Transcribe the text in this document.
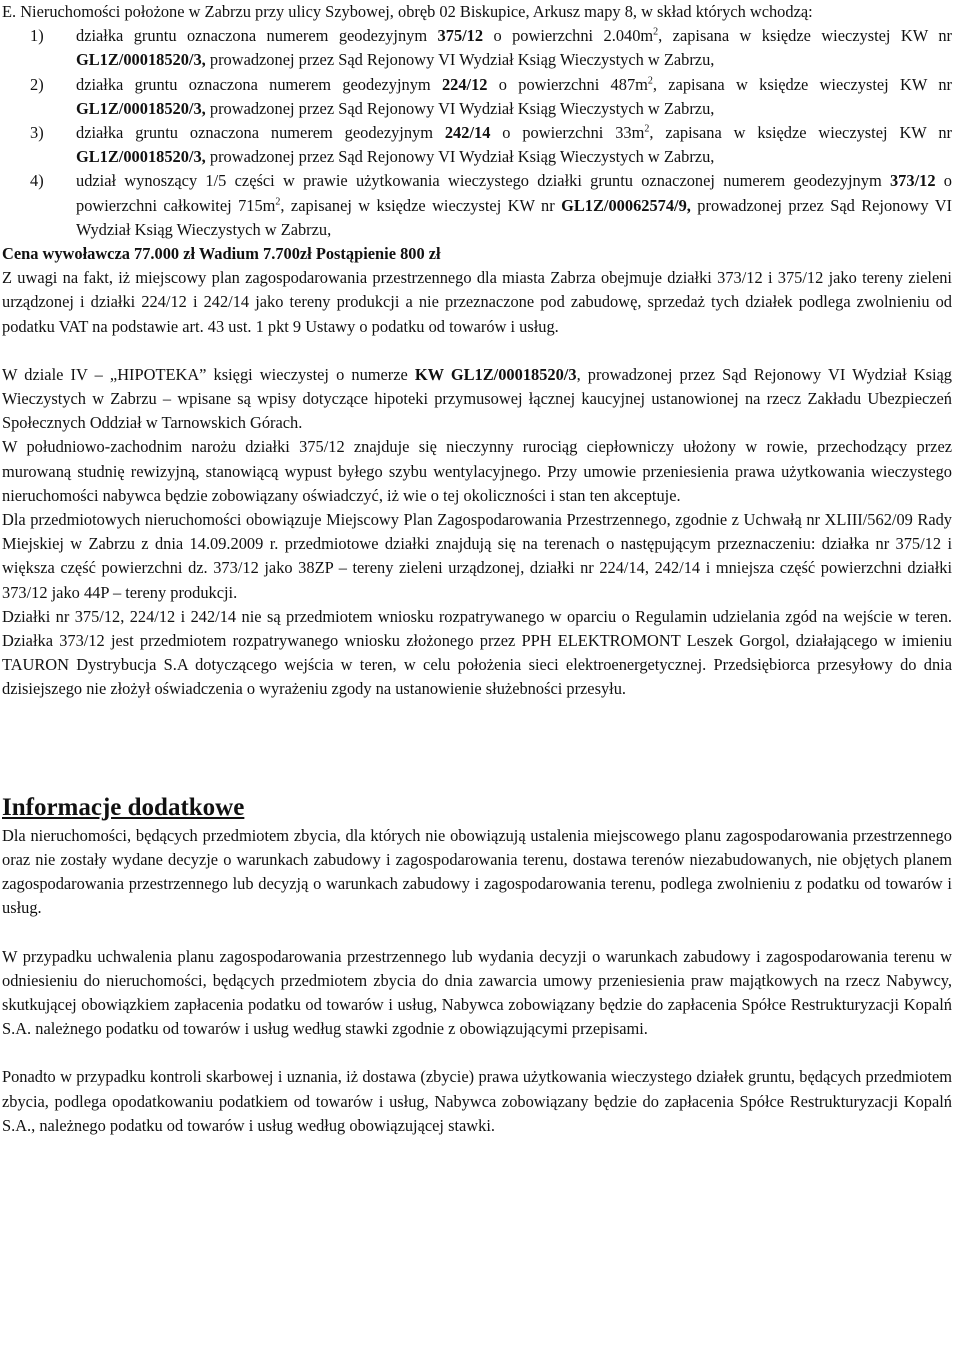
E. Nieruchomości położone w Zabrzu przy ulicy Szybowej, obręb 02 Biskupice, Arkusz mapy 8, w skład których wchodzą:

1)	działka gruntu oznaczona numerem geodezyjnym 375/12 o powierzchni $2.040m^2$, zapisana w księdze wieczystej KW nr GL1Z/00018520/3, prowadzonej przez Sąd Rejonowy VI Wydział Ksiąg Wieczystych w Zabrzu,
2)	działka gruntu oznaczona numerem geodezyjnym 224/12 o powierzchni $487m^2$, zapisana w księdze wieczystej KW nr GL1Z/00018520/3, prowadzonej przez Sąd Rejonowy VI Wydział Ksiąg Wieczystych w Zabrzu,
3)	działka gruntu oznaczona numerem geodezyjnym 242/14 o powierzchni $33m^2$, zapisana w księdze wieczystej KW nr GL1Z/00018520/3, prowadzonej przez Sąd Rejonowy VI Wydział Ksiąg Wieczystych w Zabrzu,
4)	udział wynoszący 1/5 części w prawie użytkowania wieczystego działki gruntu oznaczonej numerem geodezyjnym 373/12 o powierzchni całkowitej $715m^2$, zapisanej w księdze wieczystej KW nr GL1Z/00062574/9, prowadzonej przez Sąd Rejonowy VI Wydział Ksiąg Wieczystych w Zabrzu,

Cena wywoławcza 77.000 zł Wadium 7.700zł Postąpienie 800 zł

Z uwagi na fakt, iż miejscowy plan zagospodarowania przestrzennego dla miasta Zabrza obejmuje działki 373/12 i 375/12 jako tereny zieleni urządzonej i działki 224/12 i 242/14 jako tereny produkcji a nie przeznaczone pod zabudowę, sprzedaż tych działek podlega zwolnieniu od podatku VAT na podstawie art. 43 ust. 1 pkt 9 Ustawy o podatku od towarów i usług.

W dziale IV – „HIPOTEKA” księgi wieczystej o numerze KW GL1Z/00018520/3, prowadzonej przez Sąd Rejonowy VI Wydział Ksiąg Wieczystych w Zabrzu – wpisane są wpisy dotyczące hipoteki przymusowej łącznej kaucyjnej ustanowionej na rzecz Zakładu Ubezpieczeń Społecznych Oddział w Tarnowskich Górach.

W południowo-zachodnim narożu działki 375/12 znajduje się nieczynny rurociąg ciepłowniczy ułożony w rowie, przechodzący przez murowaną studnię rewizyjną, stanowiącą wypust byłego szybu wentylacyjnego. Przy umowie przeniesienia prawa użytkowania wieczystego nieruchomości nabywca będzie zobowiązany oświadczyć, iż wie o tej okoliczności i stan ten akceptuje.

Dla przedmiotowych nieruchomości obowiązuje Miejscowy Plan Zagospodarowania Przestrzennego, zgodnie z Uchwałą nr XLIII/562/09 Rady Miejskiej w Zabrzu z dnia 14.09.2009 r. przedmiotowe działki znajdują się na terenach o następującym przeznaczeniu: działka nr 375/12 i większa część powierzchni dz. 373/12 jako 38ZP – tereny zieleni urządzonej, działki nr 224/14, 242/14 i mniejsza część powierzchni działki 373/12 jako 44P – tereny produkcji.

Działki nr 375/12, 224/12 i 242/14 nie są przedmiotem wniosku rozpatrywanego w oparciu o Regulamin udzielania zgód na wejście w teren. Działka 373/12 jest przedmiotem rozpatrywanego wniosku złożonego przez PPH ELEKTROMONT Leszek Gorgol, działającego w imieniu TAURON Dystrybucja S.A dotyczącego wejścia w teren, w celu położenia sieci elektroenergetycznej. Przedsiębiorca przesyłowy do dnia dzisiejszego nie złożył oświadczenia o wyrażeniu zgody na ustanowienie służebności przesyłu.

Informacje dodatkowe

Dla nieruchomości, będących przedmiotem zbycia, dla których nie obowiązują ustalenia miejscowego planu zagospodarowania przestrzennego oraz nie zostały wydane decyzje o warunkach zabudowy i zagospodarowania terenu, dostawa terenów niezabudowanych, nie objętych planem zagospodarowania przestrzennego lub decyzją o warunkach zabudowy i zagospodarowania terenu, podlega zwolnieniu z podatku od towarów i usług.

W przypadku uchwalenia planu zagospodarowania przestrzennego lub wydania decyzji o warunkach zabudowy i zagospodarowania terenu w odniesieniu do nieruchomości, będących przedmiotem zbycia do dnia zawarcia umowy przeniesienia praw majątkowych na rzecz Nabywcy, skutkującej obowiązkiem zapłacenia podatku od towarów i usług, Nabywca zobowiązany będzie do zapłacenia Spółce Restrukturyzacji Kopalń S.A. należnego podatku od towarów i usług według stawki zgodnie z obowiązującymi przepisami.

Ponadto w przypadku kontroli skarbowej i uznania, iż dostawa (zbycie) prawa użytkowania wieczystego działek gruntu, będących przedmiotem zbycia, podlega opodatkowaniu podatkiem od towarów i usług, Nabywca zobowiązany będzie do zapłacenia Spółce Restrukturyzacji Kopalń S.A., należnego podatku od towarów i usług według obowiązującej stawki.
